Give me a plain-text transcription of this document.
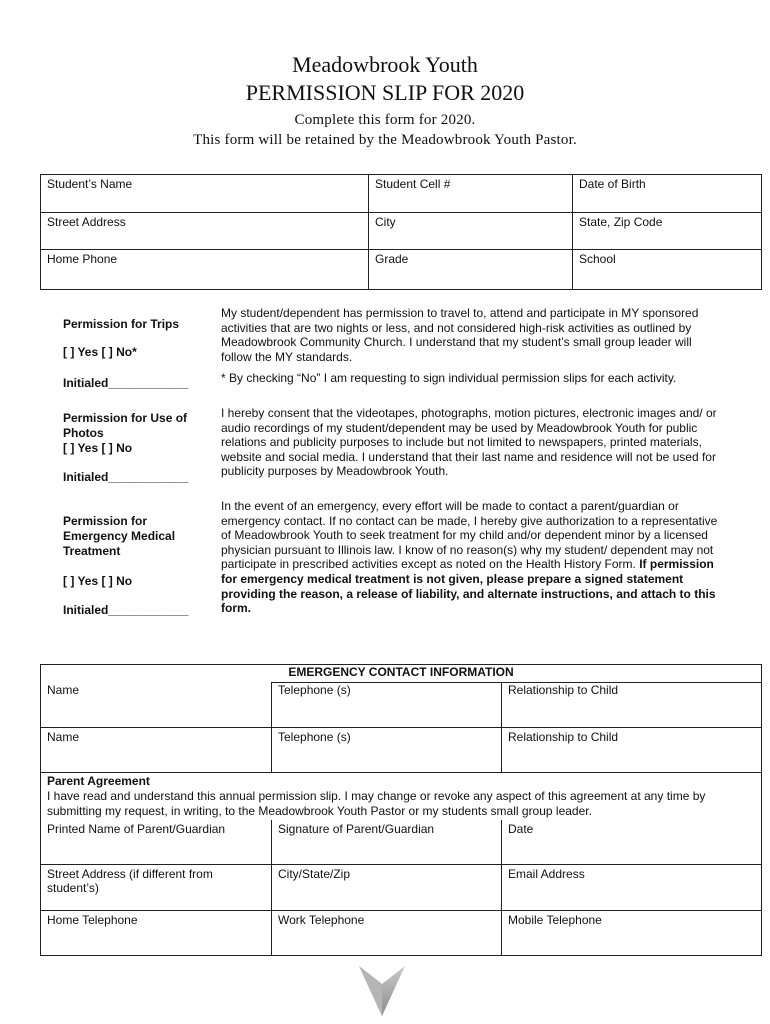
Meadowbrook Youth
PERMISSION SLIP FOR 2020
Complete this form for 2020.
This form will be retained by the Meadowbrook Youth Pastor.
Student’s Name	Student Cell #	Date of Birth
Street Address	City	State, Zip Code
Home Phone	Grade	School
Permission for Trips
[ ] Yes [ ] No*
Initialed____________
My student/dependent has permission to travel to, attend and participate in MY sponsored activities that are two nights or less, and not considered high-risk activities as outlined by Meadowbrook Community Church. I understand that my student’s small group leader will follow the MY standards.
* By checking “No” I am requesting to sign individual permission slips for each activity.
Permission for Use of
Photos
[ ] Yes [ ] No
Initialed____________
I hereby consent that the videotapes, photographs, motion pictures, electronic images and/ or audio recordings of my student/dependent may be used by Meadowbrook Youth for public relations and publicity purposes to include but not limited to newspapers, printed materials, website and social media. I understand that their last name and residence will not be used for publicity purposes by Meadowbrook Youth.
Permission for
Emergency Medical
Treatment
[ ] Yes [ ] No
Initialed____________
In the event of an emergency, every effort will be made to contact a parent/guardian or emergency contact. If no contact can be made, I hereby give authorization to a representative of Meadowbrook Youth to seek treatment for my child and/or dependent minor by a licensed physician pursuant to Illinois law. I know of no reason(s) why my student/ dependent may not participate in prescribed activities except as noted on the Health History Form. If permission for emergency medical treatment is not given, please prepare a signed statement providing the reason, a release of liability, and alternate instructions, and attach to this form.
EMERGENCY CONTACT INFORMATION		

Name	Telephone (s)	Relationship to Child
Name	Telephone (s)	Relationship to Child
Parent Agreement
I have read and understand this annual permission slip. I may change or revoke any aspect of this agreement at any time by submitting my request, in writing, to the Meadowbrook Youth Pastor or my students small group leader.		

Printed Name of Parent/Guardian	Signature of Parent/Guardian	Date
Street Address (if different from student’s)	City/State/Zip	Email Address
Home Telephone	Work Telephone	Mobile Telephone
